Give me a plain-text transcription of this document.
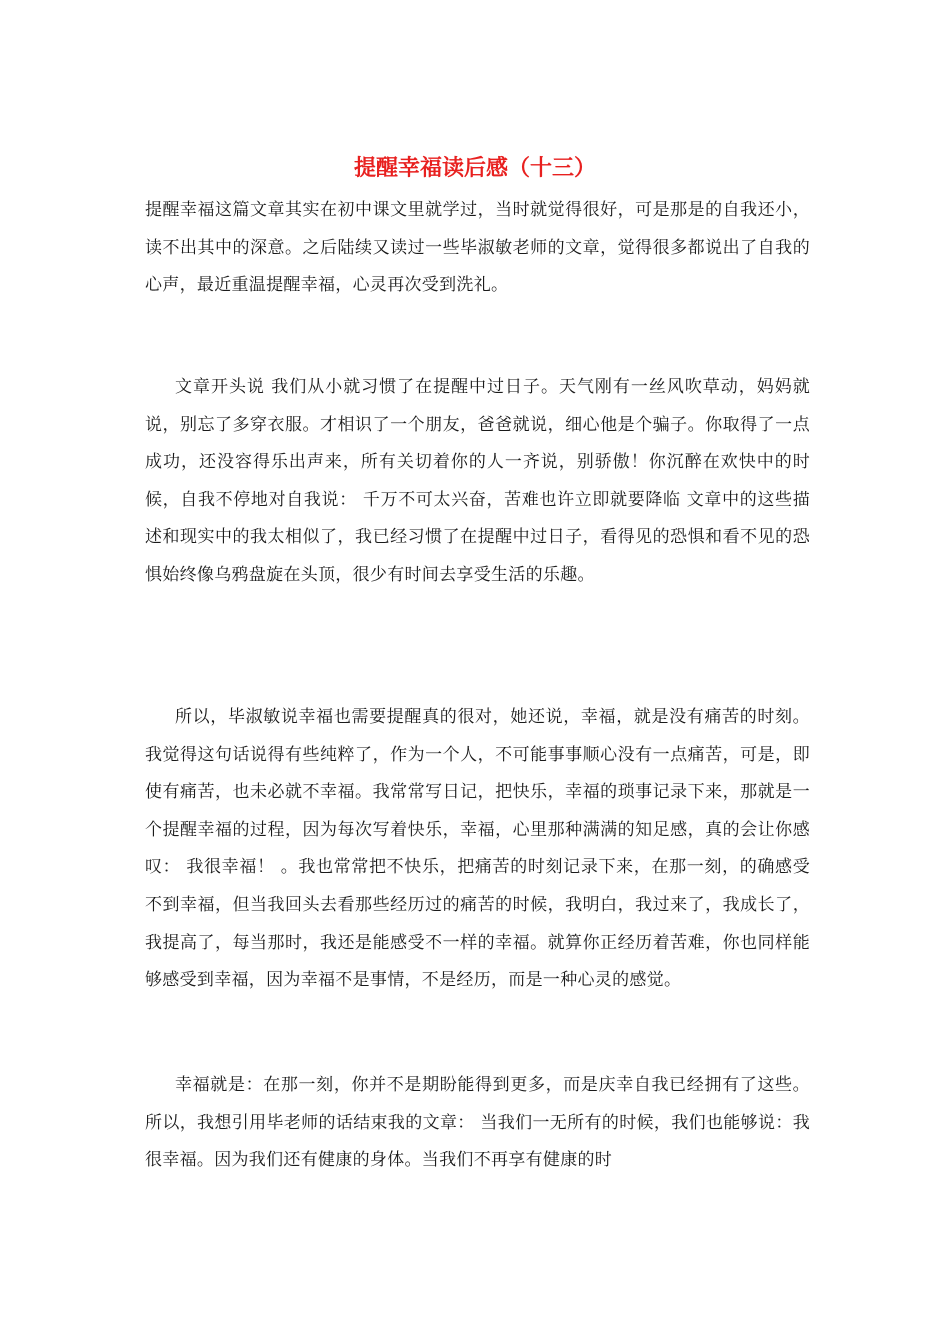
提醒幸福读后感（十三）

提醒幸福这篇文章其实在初中课文里就学过，当时就觉得很好，可是那是的自我还小，读不出其中的深意。之后陆续又读过一些毕淑敏老师的文章，觉得很多都说出了自我的心声，最近重温提醒幸福，心灵再次受到洗礼。

文章开头说 我们从小就习惯了在提醒中过日子。天气刚有一丝风吹草动，妈妈就说，别忘了多穿衣服。才相识了一个朋友，爸爸就说，细心他是个骗子。你取得了一点成功，还没容得乐出声来，所有关切着你的人一齐说，别骄傲！你沉醉在欢快中的时候，自我不停地对自我说： 千万不可太兴奋，苦难也许立即就要降临 文章中的这些描述和现实中的我太相似了，我已经习惯了在提醒中过日子，看得见的恐惧和看不见的恐惧始终像乌鸦盘旋在头顶，很少有时间去享受生活的乐趣。

所以，毕淑敏说幸福也需要提醒真的很对，她还说，幸福，就是没有痛苦的时刻。我觉得这句话说得有些纯粹了，作为一个人，不可能事事顺心没有一点痛苦，可是，即使有痛苦，也未必就不幸福。我常常写日记，把快乐，幸福的琐事记录下来，那就是一个提醒幸福的过程，因为每次写着快乐，幸福，心里那种满满的知足感，真的会让你感叹： 我很幸福！ 。我也常常把不快乐，把痛苦的时刻记录下来，在那一刻，的确感受不到幸福，但当我回头去看那些经历过的痛苦的时候，我明白，我过来了，我成长了，我提高了，每当那时，我还是能感受不一样的幸福。就算你正经历着苦难，你也同样能够感受到幸福，因为幸福不是事情，不是经历，而是一种心灵的感觉。

幸福就是：在那一刻，你并不是期盼能得到更多，而是庆幸自我已经拥有了这些。所以，我想引用毕老师的话结束我的文章： 当我们一无所有的时候，我们也能够说：我很幸福。因为我们还有健康的身体。当我们不再享有健康的时
